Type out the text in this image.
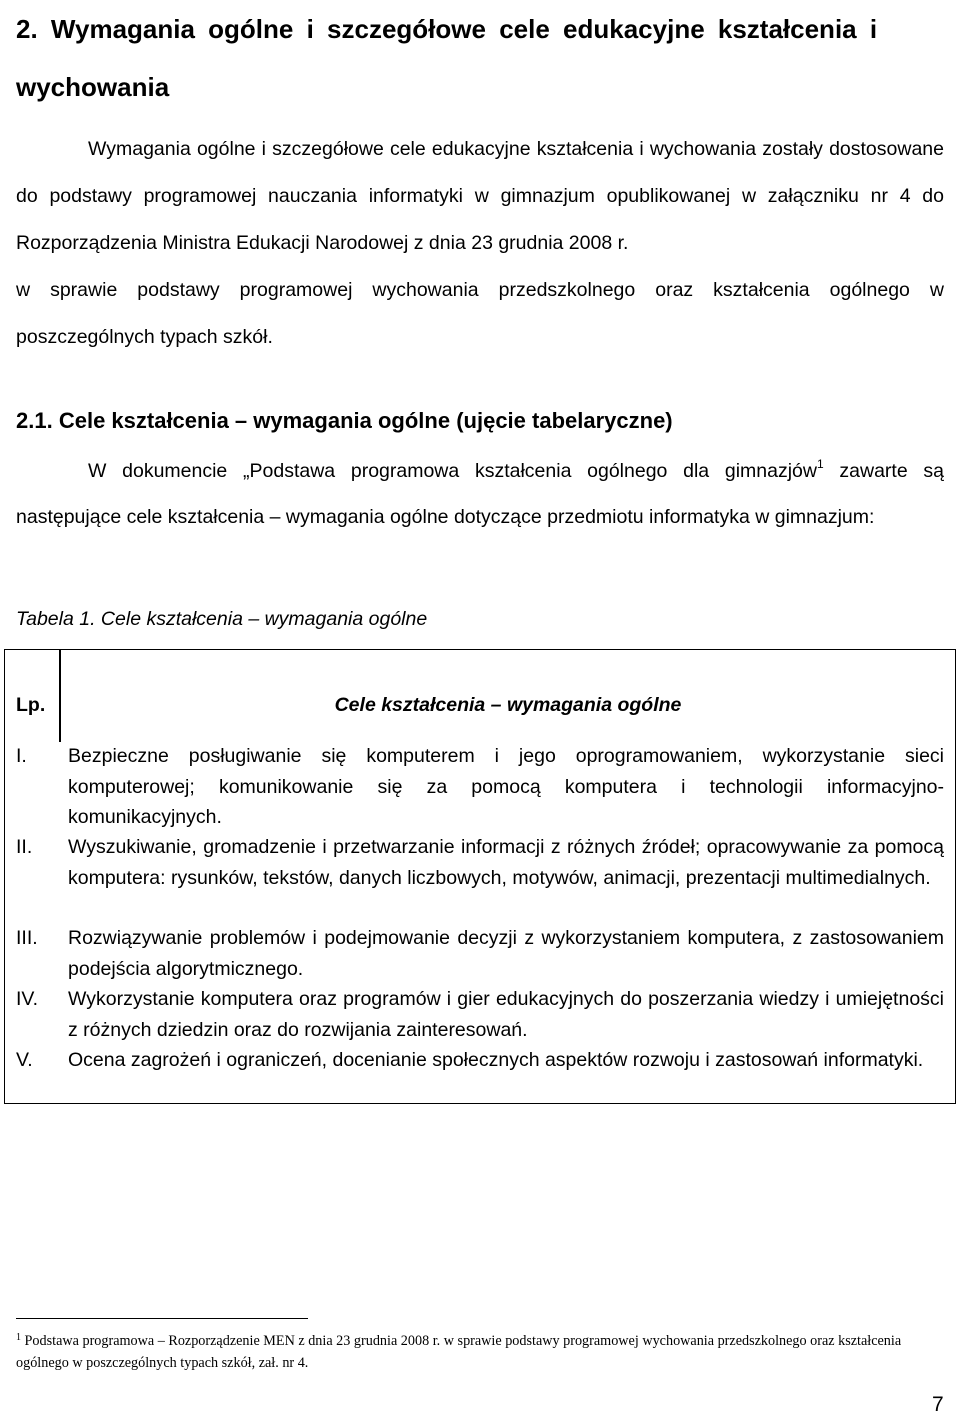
2. Wymagania ogólne i szczegółowe cele edukacyjne kształcenia i wychowania

Wymagania ogólne i szczegółowe cele edukacyjne kształcenia i wychowania zostały dostosowane do podstawy programowej nauczania informatyki w gimnazjum opublikowanej w załączniku nr 4 do Rozporządzenia Ministra Edukacji Narodowej z dnia 23 grudnia 2008 r.

w sprawie podstawy programowej wychowania przedszkolnego oraz kształcenia ogólnego w poszczególnych typach szkół.

2.1. Cele kształcenia – wymagania ogólne (ujęcie tabelaryczne)
W dokumencie „Podstawa programowa kształcenia ogólnego dla gimnazjów$^1$ zawarte są następujące cele kształcenia – wymagania ogólne dotyczące przedmiotu informatyka w gimnazjum:
Tabela 1. Cele kształcenia – wymagania ogólne
Lp.	Cele kształcenia – wymagania ogólne
I. Bezpieczne posługiwanie się komputerem i jego oprogramowaniem, wykorzystanie sieci komputerowej; komunikowanie się za pomocą komputera i technologii informacyjno-komunikacyjnych.
II. Wyszukiwanie, gromadzenie i przetwarzanie informacji z różnych źródeł; opracowywanie za pomocą komputera: rysunków, tekstów, danych liczbowych, motywów, animacji, prezentacji multimedialnych.
III. Rozwiązywanie problemów i podejmowanie decyzji z wykorzystaniem komputera, z zastosowaniem podejścia algorytmicznego.
IV. Wykorzystanie komputera oraz programów i gier edukacyjnych do poszerzania wiedzy i umiejętności z różnych dziedzin oraz do rozwijania zainteresowań.
V. Ocena zagrożeń i ograniczeń, docenianie społecznych aspektów rozwoju i zastosowań informatyki.
$^1$ Podstawa programowa – Rozporządzenie MEN z dnia 23 grudnia 2008 r. w sprawie podstawy programowej wychowania przedszkolnego oraz kształcenia ogólnego w poszczególnych typach szkół, zał. nr 4.
7
